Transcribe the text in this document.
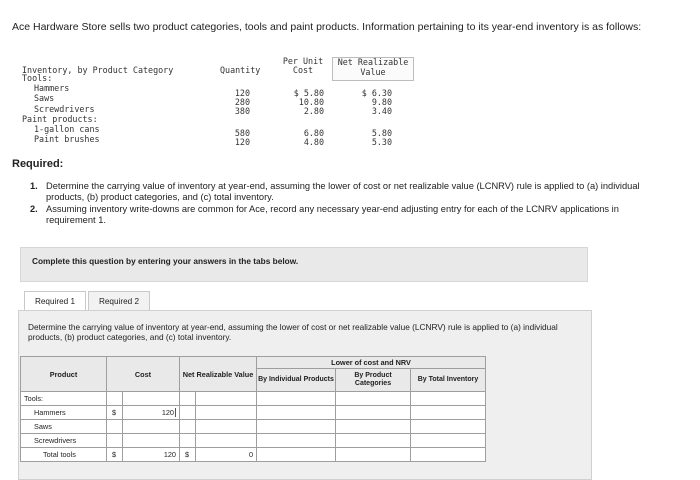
Ace Hardware Store sells two product categories, tools and paint products. Information pertaining to its year-end inventory is as follows:
Inventory, by Product Category	Quantity
Per Unit
Cost
Net Realizable
Value
Tools:
Hammers	120	$ 5.80	$ 6.30
Saws	280	10.80	9.80
Screwdrivers	380	2.80	3.40
Paint products:
1-gallon cans	580	6.80	5.80
Paint brushes	120	4.80	5.30
Required:
1. Determine the carrying value of inventory at year-end, assuming the lower of cost or net realizable value (LCNRV) rule is applied to (a) individual products, (b) product categories, and (c) total inventory.
2. Assuming inventory write-downs are common for Ace, record any necessary year-end adjusting entry for each of the LCNRV applications in requirement 1.
Complete this question by entering your answers in the tabs below.
Required 1	Required 2
Determine the carrying value of inventory at year-end, assuming the lower of cost or net realizable value (LCNRV) rule is applied to (a) individual products, (b) product categories, and (c) total inventory.
Product	Cost		Net Realizable Value		Lower of cost and NRV		
					By Individual Products	By Product Categories	By Total Inventory
Tools:							
Hammers	$	120					
Saws							
Screwdrivers							
Total tools	$	120	$	0			
